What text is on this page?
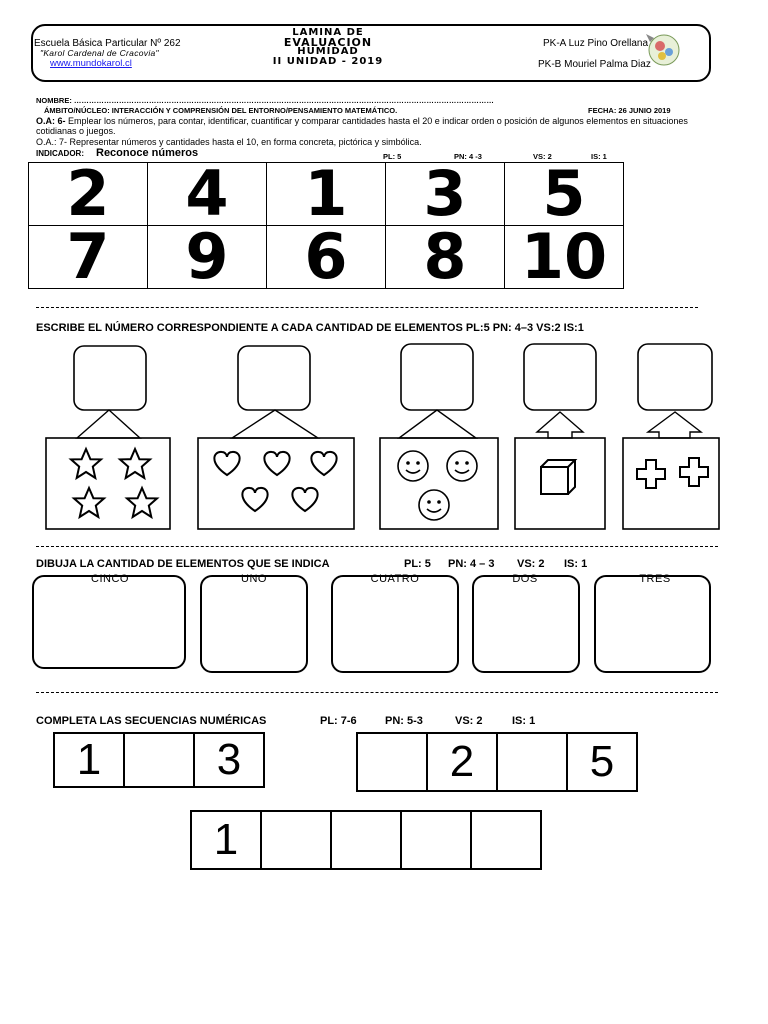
Escuela Básica Particular Nº 262
"Karol Cardenal de Cracovia"
www.mundokarol.cl
LAMINA DE
EVALUACION
HUMIDAD
II UNIDAD - 2019
PK-A Luz Pino Orellana
PK-B Mouriel Palma Diaz
NOMBRE: ……………………………………………………………………………………………………………………………………………………
ÁMBITO/NÚCLEO: INTERACCIÓN Y COMPRENSIÓN DEL ENTORNO/PENSAMIENTO MATEMÁTICO.	FECHA: 26 JUNIO 2019
O.A: 6- Emplear los números, para contar, identificar, cuantificar y comparar cantidades hasta el 20 e indicar orden o posición de algunos elementos en situaciones cotidianas o juegos.
O.A.: 7- Representar números y cantidades hasta el 10, en forma concreta, pictórica y simbólica.
INDICADOR: Reconoce números	PL: 5	PN: 4 -3	VS: 2	IS: 1
2	4	1	3	5
7	9	6	8	10
ESCRIBE EL NÚMERO CORRESPONDIENTE A CADA CANTIDAD DE ELEMENTOS PL:5 PN: 4–3 VS:2 IS:1
DIBUJA LA CANTIDAD DE ELEMENTOS QUE SE INDICA	PL: 5 PN: 4 – 3 VS: 2 IS: 1
CINCO	UNO	CUATRO	DOS	TRES
COMPLETA LAS SECUENCIAS NUMÉRICAS	PL: 7-6	PN: 5-3	VS: 2	IS: 1
1		3
		2		5
1				
